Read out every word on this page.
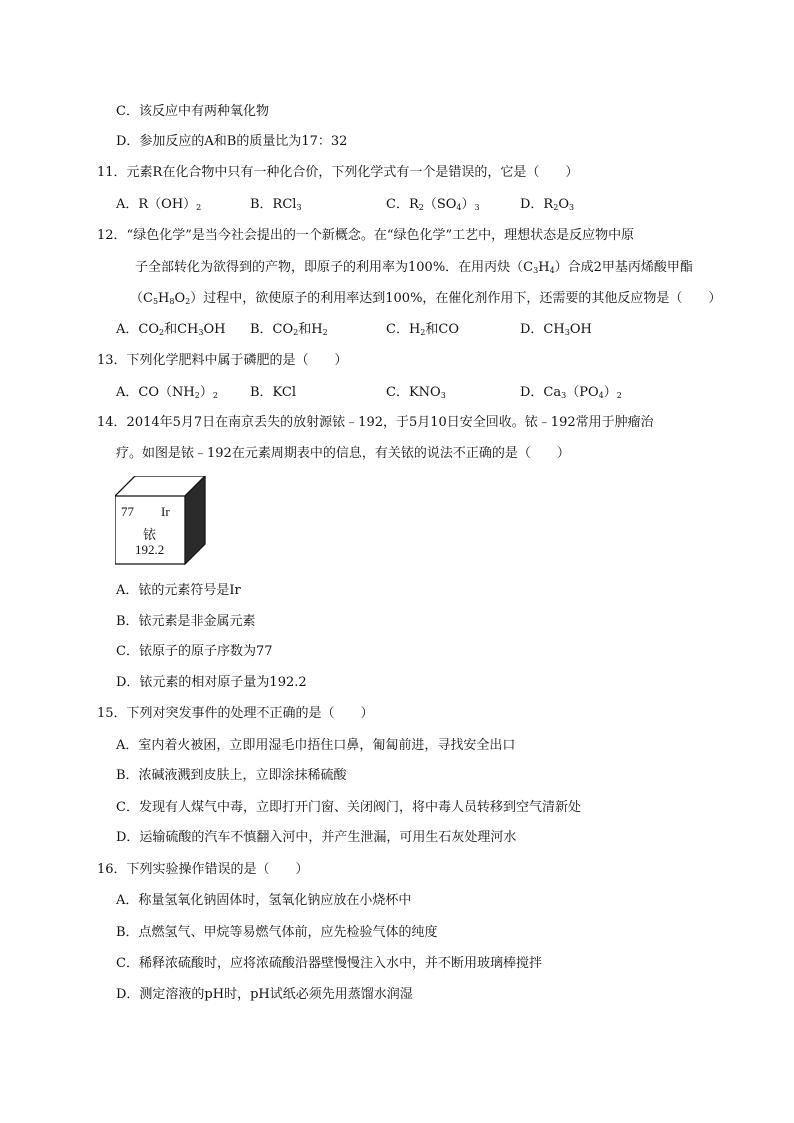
C．该反应中有两种氧化物
D．参加反应的A和B的质量比为17：32
11．元素R在化合物中只有一种化合价，下列化学式有一个是错误的，它是（　　）
A．$R(OH)_2$	B．RCl$_3$	C．$R_2(SO_4)_3$	D．$R_2O_3$
12．“绿色化学”是当今社会提出的一个新概念。在“绿色化学”工艺中，理想状态是反应物中原
子全部转化为欲得到的产物，即原子的利用率为100%．在用丙炔$(C_3H_4)$合成2甲基丙烯酸甲酯
$(C_5H_8O_2)$过程中，欲使原子的利用率达到100%，在催化剂作用下，还需要的其他反应物是（　　）
A．$CO_2$和$CH_3OH$ B．$CO_2$和$H_2$	C．$H_2$和CO	D．$CH_3OH$
13．下列化学肥料中属于磷肥的是（　　）
A．$CO(NH_2)_2$ B．KCl	C．$KNO_3$	D．$Ca_3(PO_4)_2$
14．2014年5月7日在南京丢失的放射源铱﹣192，于5月10日安全回收。铱﹣192常用于肿瘤治
疗。如图是铱﹣192在元素周期表中的信息，有关铱的说法不正确的是（　　）
77 Ir
铱
192.2
A．铱的元素符号是Ir
B．铱元素是非金属元素
C．铱原子的原子序数为77
D．铱元素的相对原子量为192.2
15．下列对突发事件的处理不正确的是（　　）
A．室内着火被困，立即用湿毛巾捂住口鼻，匍匐前进，寻找安全出口
B．浓碱液溅到皮肤上，立即涂抹稀硫酸
C．发现有人煤气中毒，立即打开门窗、关闭阀门，将中毒人员转移到空气清新处
D．运输硫酸的汽车不慎翻入河中，并产生泄漏，可用生石灰处理河水
16．下列实验操作错误的是（　　）
A．称量氢氧化钠固体时，氢氧化钠应放在小烧杯中
B．点燃氢气、甲烷等易燃气体前，应先检验气体的纯度
C．稀释浓硫酸时，应将浓硫酸沿器壁慢慢注入水中，并不断用玻璃棒搅拌
D．测定溶液的pH时，pH试纸必须先用蒸馏水润湿
